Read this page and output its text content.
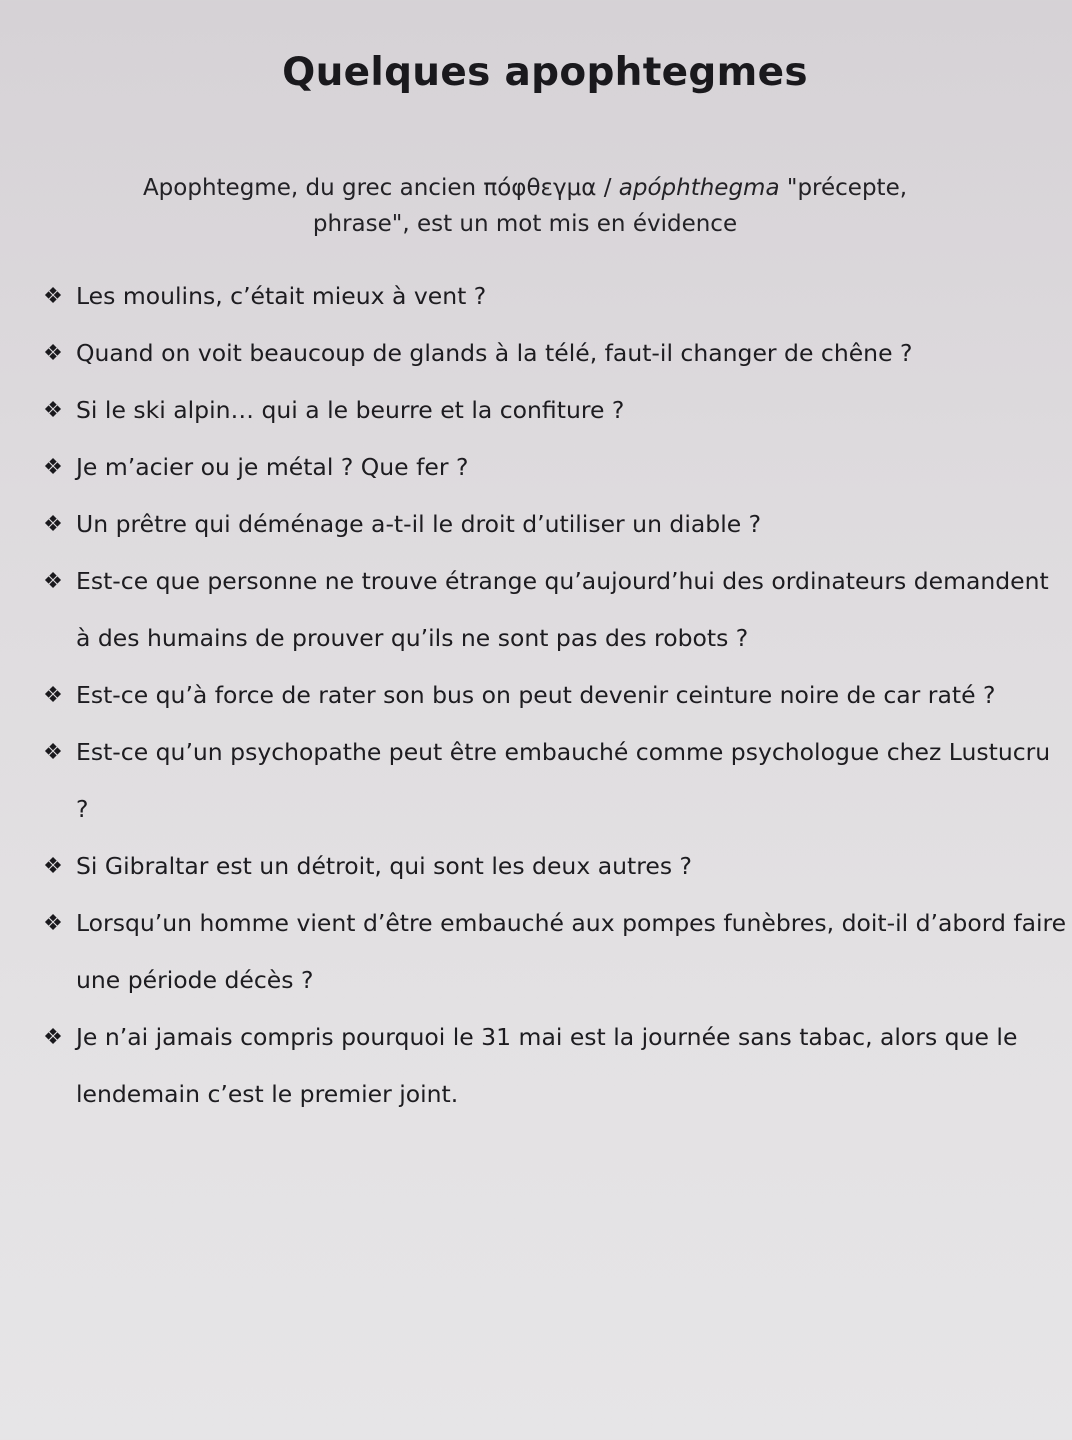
Quelques apophtegmes

Apophtegme, du grec ancien πόφθεγμα / apóphthegma "précepte, phrase", est un mot mis en évidence

❖ Les moulins, c’était mieux à vent ?
❖ Quand on voit beaucoup de glands à la télé, faut-il changer de chêne ?
❖ Si le ski alpin… qui a le beurre et la confiture ?
❖ Je m’acier ou je métal ? Que fer ?
❖ Un prêtre qui déménage a-t-il le droit d’utiliser un diable ?
❖ Est-ce que personne ne trouve étrange qu’aujourd’hui des ordinateurs demandent à des humains de prouver qu’ils ne sont pas des robots ?
❖ Est-ce qu’à force de rater son bus on peut devenir ceinture noire de car raté ?
❖ Est-ce qu’un psychopathe peut être embauché comme psychologue chez Lustucru ?
❖ Si Gibraltar est un détroit, qui sont les deux autres ?
❖ Lorsqu’un homme vient d’être embauché aux pompes funèbres, doit-il d’abord faire une période décès ?
❖ Je n’ai jamais compris pourquoi le 31 mai est la journée sans tabac, alors que le lendemain c’est le premier joint.
